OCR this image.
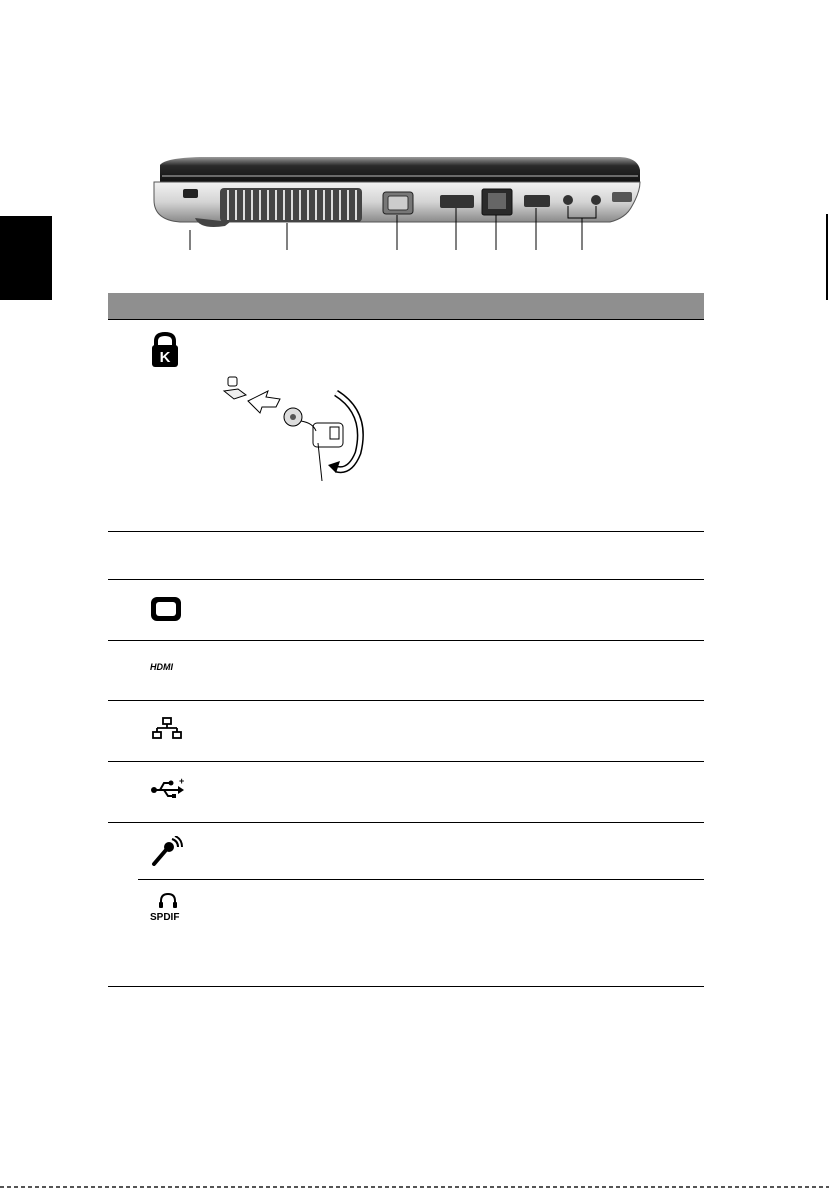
K
HDMI
+
SPDIF
